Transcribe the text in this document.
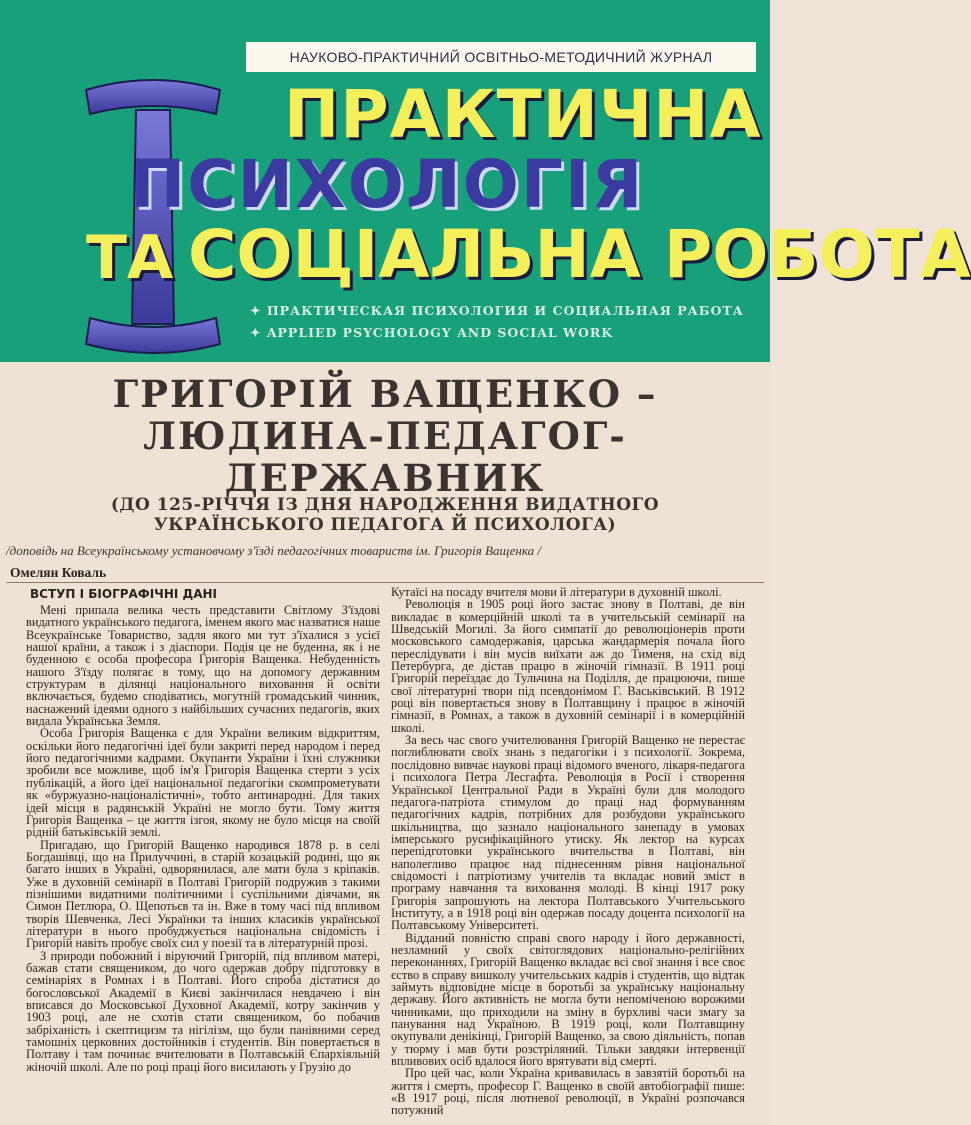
НАУКОВО-ПРАКТИЧНИЙ ОСВІТНЬО-МЕТОДИЧНИЙ ЖУРНАЛ
ПРАКТИЧНА
ПСИХОЛОГІЯ
ТА СОЦІАЛЬНА РОБОТА
✦ ПРАКТИЧЕСКАЯ ПСИХОЛОГИЯ И СОЦИАЛЬНАЯ РАБОТА
✦ APPLIED PSYCHOLOGY AND SOCIAL WORK
ГРИГОРІЙ ВАЩЕНКО –
ЛЮДИНА-ПЕДАГОГ-
ДЕРЖАВНИК
(ДО 125-РІЧЧЯ ІЗ ДНЯ НАРОДЖЕННЯ ВИДАТНОГО
УКРАЇНСЬКОГО ПЕДАГОГА Й ПСИХОЛОГА)
/доповідь на Всеукраїнському установчому з'їзді педагогічних товариств ім. Григорія Ващенка /
Омелян Коваль
ВСТУП І БІОГРАФІЧНІ ДАНІ

Мені припала велика честь представити Світлому З'їздові видатного українського педагога, іменем якого має назватися наше Всеукраїнське Товариство, задля якого ми тут з'їхалися з усієї нашої країни, а також і з діаспори. Подія це не буденна, як і не буденною є особа професора Григорія Ващенка. Небуденність нашого З'їзду полягає в тому, що на допомогу державним структурам в ділянці національного виховання й освіти включається, будемо сподіватись, могутній громадський чинник, наснажений ідеями одного з найбільших сучасних педагогів, яких видала Українська Земля.

Особа Григорія Ващенка є для України великим відкриттям, оскільки його педагогічні ідеї були закриті перед народом і перед його педагогічними кадрами. Окупанти України і їхні служники зробили все можливе, щоб ім'я Григорія Ващенка стерти з усіх публікацій, а його ідеї національної педагогіки скомпрометувати як «буржуазно-націоналістичні», тобто антинародні. Для таких ідей місця в радянській Україні не могло бути. Тому життя Григорія Ващенка – це життя ізгоя, якому не було місця на своїй рідній батьківській землі.

Пригадаю, що Григорій Ващенко народився 1878 р. в селі Богдашівці, що на Прилуччині, в старій козацькій родині, що як багато інших в Україні, одворянилася, але мати була з кріпаків. Уже в духовній семінарії в Полтаві Григорій подружив з такими пізнішими видатними політичними і суспільними діячами, як Симон Петлюра, О. Щепотьєв та ін. Вже в тому часі під впливом творів Шевченка, Лесі Українки та інших класиків української літератури в нього пробуджується національна свідомість і Григорій навіть пробує своїх сил у поезії та в літературній прозі.

З природи побожний і віруючий Григорій, під впливом матері, бажав стати священиком, до чого одержав добру підготовку в семінаріях в Ромнах і в Полтаві. Його спроба дістатися до богословської Академії в Києві закінчилася невдачею і він вписався до Московської Духовної Академії, котру закінчив у 1903 році, але не схотів стати священиком, бо побачив забріханість і скептицизм та нігілізм, що були панівними серед тамошніх церковних достойників і студентів. Він повертається в Полтаву і там починає вчителювати в Полтавській Єпархіяльній жіночій школі. Але по році праці його висилають у Грузію до

Кутаїсі на посаду вчителя мови й літератури в духовній школі.

Революція в 1905 році його застає знову в Полтаві, де він викладає в комерційній школі та в учительській семінарії на Шведській Могилі. За його симпатії до революціонерів проти московського самодержавія, царська жандармерія почала його переслідувати і він мусів виїхати аж до Тименя, на схід від Петербурга, де дістав працю в жіночій гімназії. В 1911 році Григорій переїздає до Тульчина на Поділля, де працюючи, пише свої літературні твори під псевдонімом Г. Васьківський. В 1912 році він повертається знову в Полтавщину і працює в жіночій гімназії, в Ромнах, а також в духовній семінарії і в комерційній школі.

За весь час свого учителювання Григорій Ващенко не перестає поглиблювати своїх знань з педагогіки і з психології. Зокрема, послідовно вивчає наукові праці відомого вченого, лікаря-педагога і психолога Петра Лесгафта. Революція в Росії і створення Української Центральної Ради в Україні були для молодого педагога-патріота стимулом до праці над формуванням педагогічних кадрів, потрібних для розбудови українського шкільництва, що зазнало національного занепаду в умовах імперського русифікаційного утиску. Як лектор на курсах перепідготовки українського вчительства в Полтаві, він наполегливо працює над піднесенням рівня національної свідомості і патріотизму учителів та вкладає новий зміст в програму навчання та виховання молоді. В кінці 1917 року Григорія запрошують на лектора Полтавського Учительського Інституту, а в 1918 році він одержав посаду доцента психології на Полтавському Університеті.

Відданий повністю справі свого народу і його державності, незламний у своїх світоглядових національно-релігійних переконаннях, Григорій Ващенко вкладає всі свої знання і все своє єство в справу вишколу учительських кадрів і студентів, що відтак займуть відповідне місце в боротьбі за українську національну державу. Його активність не могла бути непоміченою ворожими чинниками, що приходили на зміну в бурхливі часи змагу за панування над Україною. В 1919 році, коли Полтавщину окупували денікінці, Григорій Ващенко, за свою діяльність, попав у тюрму і мав бути розстріляний. Тільки завдяки інтервенції впливових осіб вдалося його врятувати від смерті.

Про цей час, коли Україна кривавилась в завзятій боротьбі на життя і смерть, професор Г. Ващенко в своїй автобіографії пише: «В 1917 році, після лютневої революції, в Україні розпочався потужний
